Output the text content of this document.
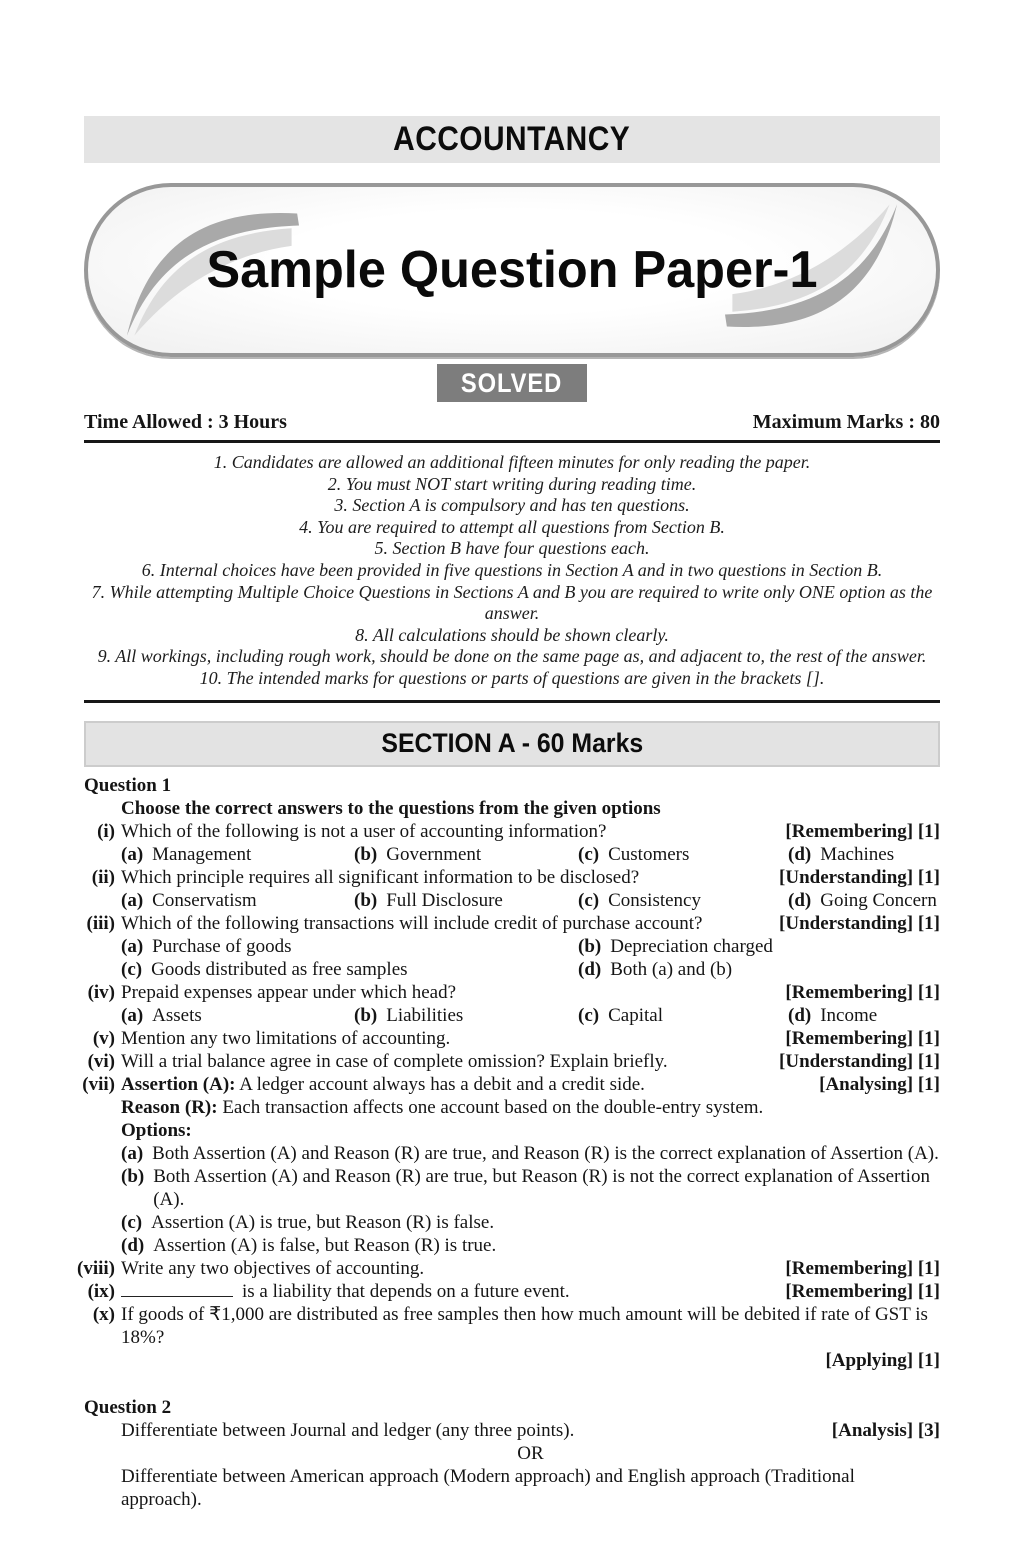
ACCOUNTANCY
Sample Question Paper-1
SOLVED
Time Allowed : 3 Hours	Maximum Marks : 80
1. Candidates are allowed an additional fifteen minutes for only reading the paper.
2. You must NOT start writing during reading time.
3. Section A is compulsory and has ten questions.
4. You are required to attempt all questions from Section B.
5. Section B have four questions each.
6. Internal choices have been provided in five questions in Section A and in two questions in Section B.
7. While attempting Multiple Choice Questions in Sections A and B you are required to write only ONE option as the answer.
8. All calculations should be shown clearly.
9. All workings, including rough work, should be done on the same page as, and adjacent to, the rest of the answer.
10. The intended marks for questions or parts of questions are given in the brackets [].
SECTION A - 60 Marks
Question 1
Choose the correct answers to the questions from the given options
(i) Which of the following is not a user of accounting information?	[Remembering] [1]
(a) Management	(b) Government	(c) Customers	(d) Machines
(ii) Which principle requires all significant information to be disclosed?	[Understanding] [1]
(a) Conservatism	(b) Full Disclosure	(c) Consistency	(d) Going Concern
(iii) Which of the following transactions will include credit of purchase account?	[Understanding] [1]
(a) Purchase of goods	(b) Depreciation charged
(c) Goods distributed as free samples	(d) Both (a) and (b)
(iv) Prepaid expenses appear under which head?	[Remembering] [1]
(a) Assets	(b) Liabilities	(c) Capital	(d) Income
(v) Mention any two limitations of accounting.	[Remembering] [1]
(vi) Will a trial balance agree in case of complete omission? Explain briefly.	[Understanding] [1]
(vii) Assertion (A): A ledger account always has a debit and a credit side.	[Analysing] [1]
Reason (R): Each transaction affects one account based on the double-entry system.
Options:
(a) Both Assertion (A) and Reason (R) are true, and Reason (R) is the correct explanation of Assertion (A).
(b) Both Assertion (A) and Reason (R) are true, but Reason (R) is not the correct explanation of Assertion (A).
(c) Assertion (A) is true, but Reason (R) is false.
(d) Assertion (A) is false, but Reason (R) is true.
(viii) Write any two objectives of accounting.	[Remembering] [1]
(ix)	is a liability that depends on a future event.	[Remembering] [1]
(x) If goods of ₹1,000 are distributed as free samples then how much amount will be debited if rate of GST is 18%?
[Applying] [1]
Question 2
Differentiate between Journal and ledger (any three points).	[Analysis] [3]
OR
Differentiate between American approach (Modern approach) and English approach (Traditional approach).
